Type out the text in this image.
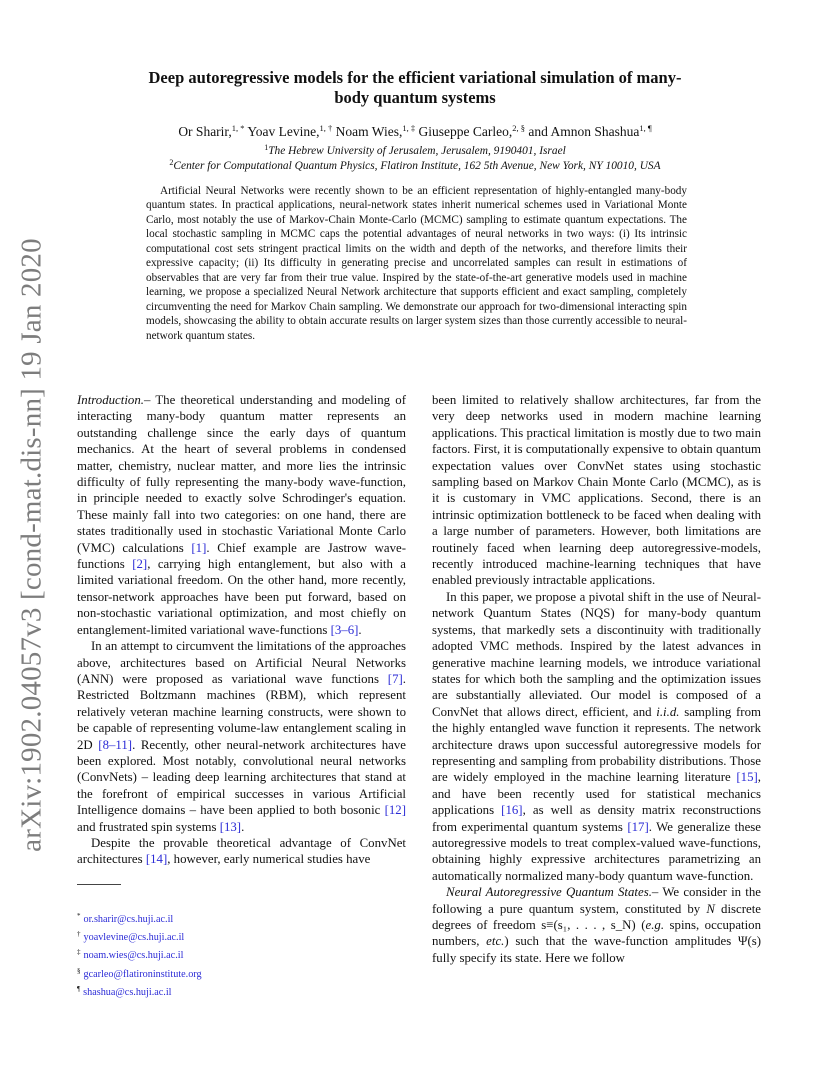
arXiv:1902.04057v3 [cond-mat.dis-nn] 19 Jan 2020
Deep autoregressive models for the efficient variational simulation of many-body quantum systems
Or Sharir,$^{1, *}$ Yoav Levine,$^{1, \dagger}$ Noam Wies,$^{1, \ddagger}$ Giuseppe Carleo,$^{2, \S}$ and Amnon Shashua$^{1, \P}$
$^1$The Hebrew University of Jerusalem, Jerusalem, 9190401, Israel
$^2$Center for Computational Quantum Physics, Flatiron Institute, 162 5th Avenue, New York, NY 10010, USA

Artificial Neural Networks were recently shown to be an efficient representation of highly-entangled many-body quantum states. In practical applications, neural-network states inherit numerical schemes used in Variational Monte Carlo, most notably the use of Markov-Chain Monte-Carlo (MCMC) sampling to estimate quantum expectations. The local stochastic sampling in MCMC caps the potential advantages of neural networks in two ways: (i) Its intrinsic computational cost sets stringent practical limits on the width and depth of the networks, and therefore limits their expressive capacity; (ii) Its difficulty in generating precise and uncorrelated samples can result in estimations of observables that are very far from their true value. Inspired by the state-of-the-art generative models used in machine learning, we propose a specialized Neural Network architecture that supports efficient and exact sampling, completely circumventing the need for Markov Chain sampling. We demonstrate our approach for two-dimensional interacting spin models, showcasing the ability to obtain accurate results on larger system sizes than those currently accessible to neural-network quantum states.

Introduction.– The theoretical understanding and modeling of interacting many-body quantum matter represents an outstanding challenge since the early days of quantum mechanics. At the heart of several problems in condensed matter, chemistry, nuclear matter, and more lies the intrinsic difficulty of fully representing the many-body wave-function, in principle needed to exactly solve Schrodinger's equation. These mainly fall into two categories: on one hand, there are states traditionally used in stochastic Variational Monte Carlo (VMC) calculations [1]. Chief example are Jastrow wave-functions [2], carrying high entanglement, but also with a limited variational freedom. On the other hand, more recently, tensor-network approaches have been put forward, based on non-stochastic variational optimization, and most chiefly on entanglement-limited variational wave-functions [3–6].

In an attempt to circumvent the limitations of the approaches above, architectures based on Artificial Neural Networks (ANN) were proposed as variational wave functions [7]. Restricted Boltzmann machines (RBM), which represent relatively veteran machine learning constructs, were shown to be capable of representing volume-law entanglement scaling in 2D [8–11]. Recently, other neural-network architectures have been explored. Most notably, convolutional neural networks (ConvNets) – leading deep learning architectures that stand at the forefront of empirical successes in various Artificial Intelligence domains – have been applied to both bosonic [12] and frustrated spin systems [13].

Despite the provable theoretical advantage of ConvNet architectures [14], however, early numerical studies have

been limited to relatively shallow architectures, far from the very deep networks used in modern machine learning applications. This practical limitation is mostly due to two main factors. First, it is computationally expensive to obtain quantum expectation values over ConvNet states using stochastic sampling based on Markov Chain Monte Carlo (MCMC), as is it is customary in VMC applications. Second, there is an intrinsic optimization bottleneck to be faced when dealing with a large number of parameters. However, both limitations are routinely faced when learning deep autoregressive-models, recently introduced machine-learning techniques that have enabled previously intractable applications.

In this paper, we propose a pivotal shift in the use of Neural-network Quantum States (NQS) for many-body quantum systems, that markedly sets a discontinuity with traditionally adopted VMC methods. Inspired by the latest advances in generative machine learning models, we introduce variational states for which both the sampling and the optimization issues are substantially alleviated. Our model is composed of a ConvNet that allows direct, efficient, and i.i.d. sampling from the highly entangled wave function it represents. The network architecture draws upon successful autoregressive models for representing and sampling from probability distributions. Those are widely employed in the machine learning literature [15], and have been recently used for statistical mechanics applications [16], as well as density matrix reconstructions from experimental quantum systems [17]. We generalize these autoregressive models to treat complex-valued wave-functions, obtaining highly expressive architectures parametrizing an automatically normalized many-body quantum wave-function.

Neural Autoregressive Quantum States.– We consider in the following a pure quantum system, constituted by N discrete degrees of freedom s≡(s₁, . . . , s_N) (e.g. spins, occupation numbers, etc.) such that the wave-function amplitudes Ψ(s) fully specify its state. Here we follow

* or.sharir@cs.huji.ac.il
† yoavlevine@cs.huji.ac.il
‡ noam.wies@cs.huji.ac.il
§ gcarleo@flatironinstitute.org
¶ shashua@cs.huji.ac.il
